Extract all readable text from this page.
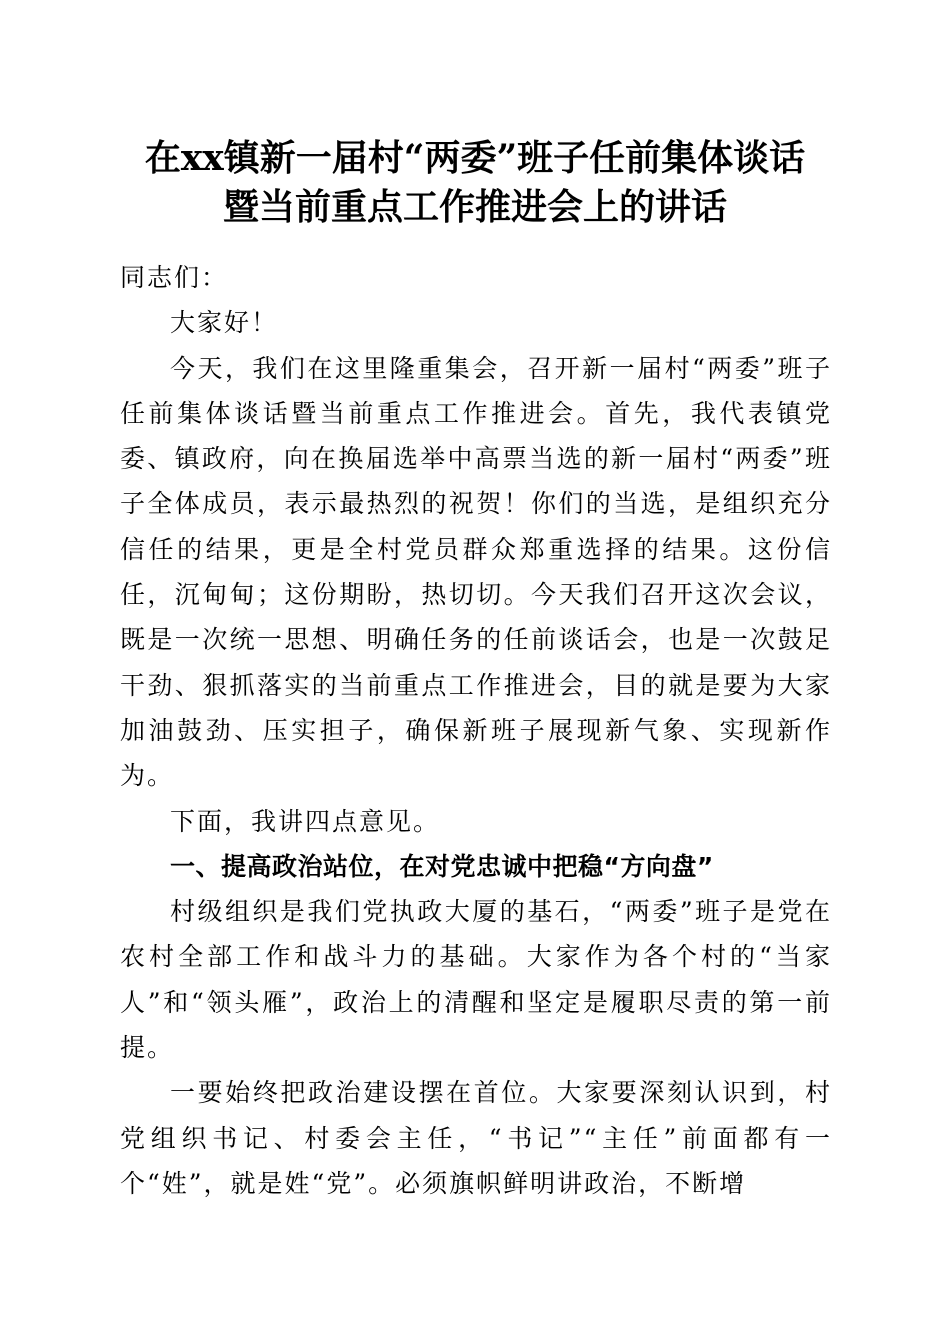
在xx镇新一届村“两委”班子任前集体谈话
暨当前重点工作推进会上的讲话

同志们：

大家好！

今天，我们在这里隆重集会，召开新一届村“两委”班子任前集体谈话暨当前重点工作推进会。首先，我代表镇党委、镇政府，向在换届选举中高票当选的新一届村“两委”班子全体成员，表示最热烈的祝贺！你们的当选，是组织充分信任的结果，更是全村党员群众郑重选择的结果。这份信任，沉甸甸；这份期盼，热切切。今天我们召开这次会议，既是一次统一思想、明确任务的任前谈话会，也是一次鼓足干劲、狠抓落实的当前重点工作推进会，目的就是要为大家加油鼓劲、压实担子，确保新班子展现新气象、实现新作为。

下面，我讲四点意见。

一、提高政治站位，在对党忠诚中把稳“方向盘”

村级组织是我们党执政大厦的基石，“两委”班子是党在农村全部工作和战斗力的基础。大家作为各个村的“当家人”和“领头雁”，政治上的清醒和坚定是履职尽责的第一前提。

一要始终把政治建设摆在首位。大家要深刻认识到，村党组织书记、村委会主任，“书记”“主任”前面都有一个“姓”，就是姓“党”。必须旗帜鲜明讲政治，不断增
